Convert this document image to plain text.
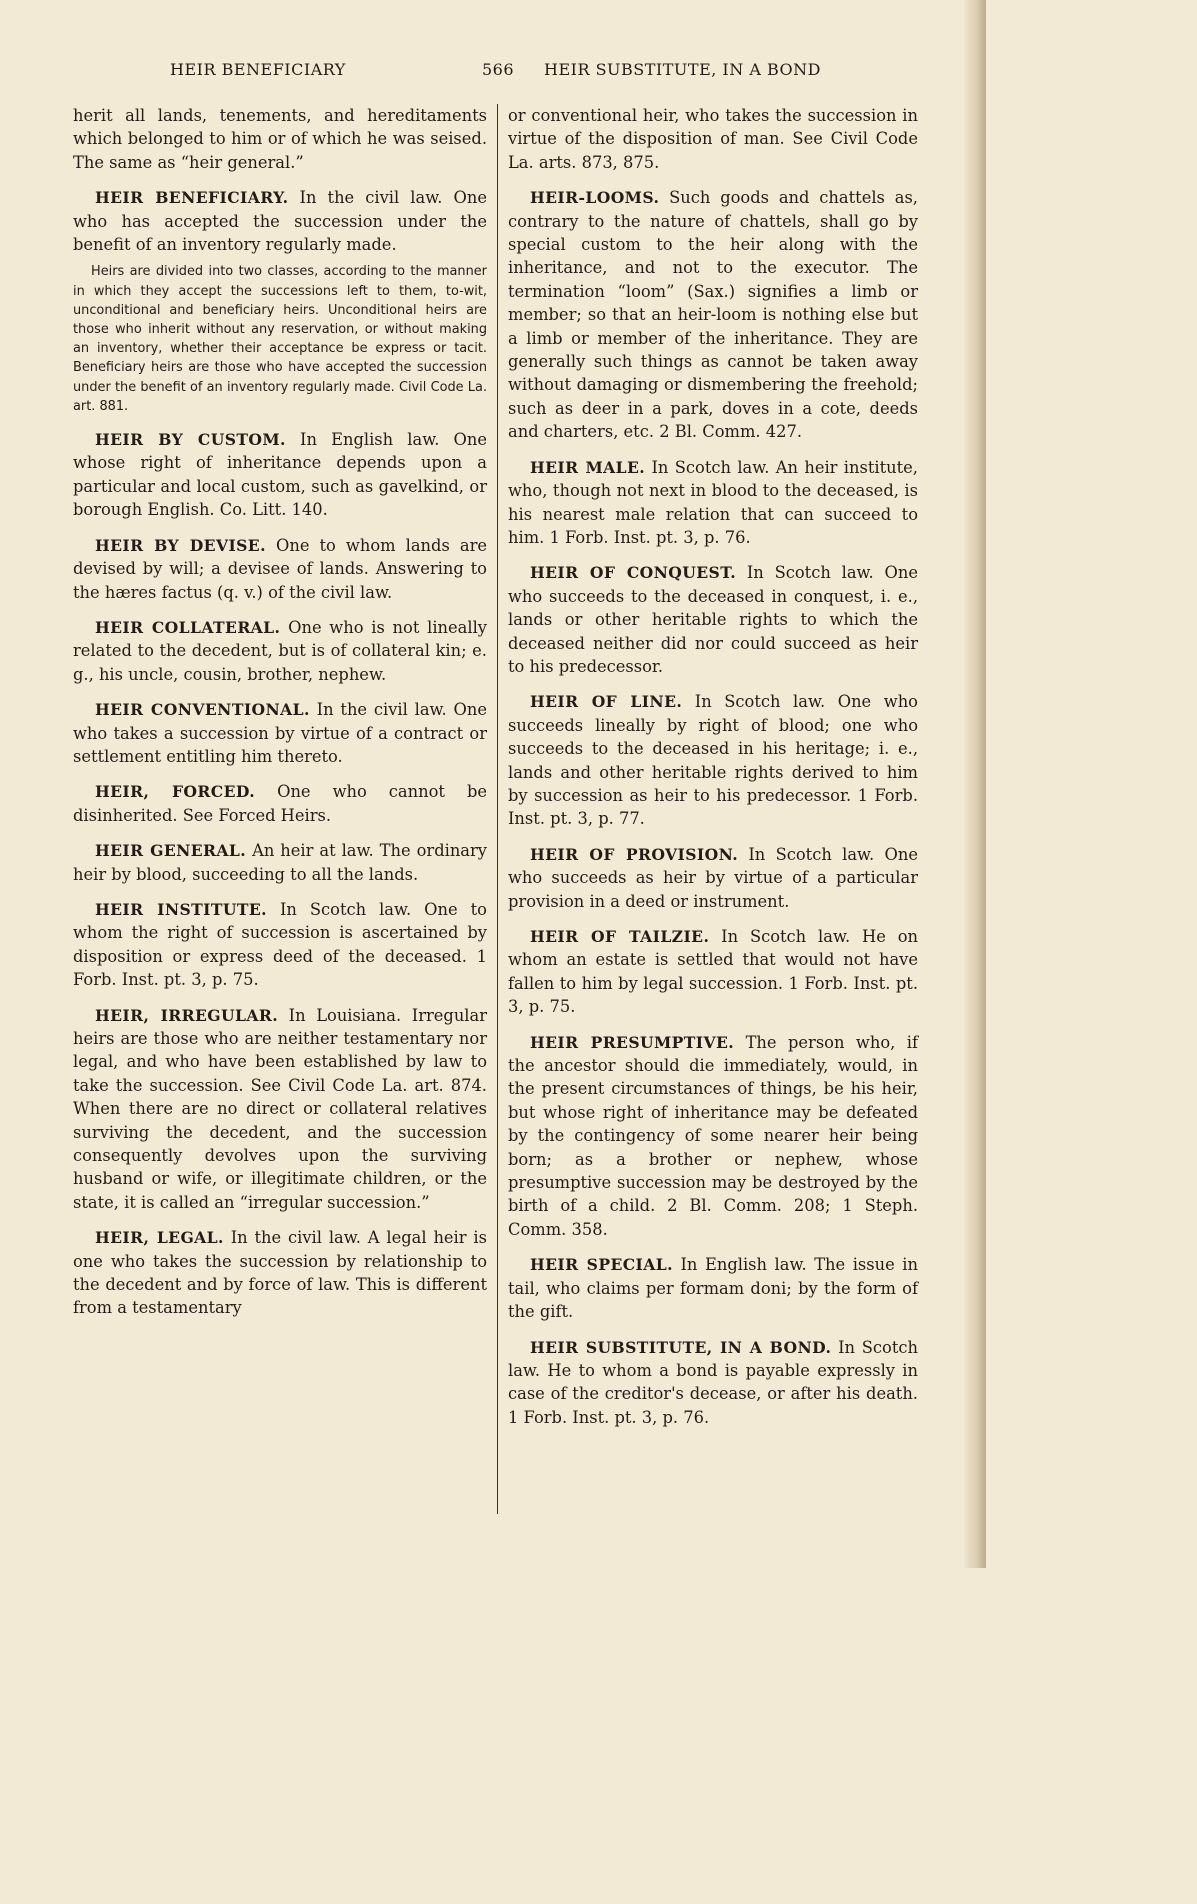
HEIR BENEFICIARY	566 HEIR SUBSTITUTE, IN A BOND

herit all lands, tenements, and hereditaments which belonged to him or of which he was seised. The same as “heir general.”

HEIR BENEFICIARY. In the civil law. One who has accepted the succession under the benefit of an inventory regularly made.

Heirs are divided into two classes, according to the manner in which they accept the successions left to them, to-wit, unconditional and beneficiary heirs. Unconditional heirs are those who inherit without any reservation, or without making an inventory, whether their acceptance be express or tacit. Beneficiary heirs are those who have accepted the succession under the benefit of an inventory regularly made. Civil Code La. art. 881.

HEIR BY CUSTOM. In English law. One whose right of inheritance depends upon a particular and local custom, such as gavelkind, or borough English. Co. Litt. 140.

HEIR BY DEVISE. One to whom lands are devised by will; a devisee of lands. Answering to the hæres factus (q. v.) of the civil law.

HEIR COLLATERAL. One who is not lineally related to the decedent, but is of collateral kin; e. g., his uncle, cousin, brother, nephew.

HEIR CONVENTIONAL. In the civil law. One who takes a succession by virtue of a contract or settlement entitling him thereto.

HEIR, FORCED. One who cannot be disinherited. See Forced Heirs.

HEIR GENERAL. An heir at law. The ordinary heir by blood, succeeding to all the lands.

HEIR INSTITUTE. In Scotch law. One to whom the right of succession is ascertained by disposition or express deed of the deceased. 1 Forb. Inst. pt. 3, p. 75.

HEIR, IRREGULAR. In Louisiana. Irregular heirs are those who are neither testamentary nor legal, and who have been established by law to take the succession. See Civil Code La. art. 874. When there are no direct or collateral relatives surviving the decedent, and the succession consequently devolves upon the surviving husband or wife, or illegitimate children, or the state, it is called an “irregular succession.”

HEIR, LEGAL. In the civil law. A legal heir is one who takes the succession by relationship to the decedent and by force of law. This is different from a testamentary

or conventional heir, who takes the succession in virtue of the disposition of man. See Civil Code La. arts. 873, 875.

HEIR-LOOMS. Such goods and chattels as, contrary to the nature of chattels, shall go by special custom to the heir along with the inheritance, and not to the executor. The termination “loom” (Sax.) signifies a limb or member; so that an heir-loom is nothing else but a limb or member of the inheritance. They are generally such things as cannot be taken away without damaging or dismembering the freehold; such as deer in a park, doves in a cote, deeds and charters, etc. 2 Bl. Comm. 427.

HEIR MALE. In Scotch law. An heir institute, who, though not next in blood to the deceased, is his nearest male relation that can succeed to him. 1 Forb. Inst. pt. 3, p. 76.

HEIR OF CONQUEST. In Scotch law. One who succeeds to the deceased in conquest, i. e., lands or other heritable rights to which the deceased neither did nor could succeed as heir to his predecessor.

HEIR OF LINE. In Scotch law. One who succeeds lineally by right of blood; one who succeeds to the deceased in his heritage; i. e., lands and other heritable rights derived to him by succession as heir to his predecessor. 1 Forb. Inst. pt. 3, p. 77.

HEIR OF PROVISION. In Scotch law. One who succeeds as heir by virtue of a particular provision in a deed or instrument.

HEIR OF TAILZIE. In Scotch law. He on whom an estate is settled that would not have fallen to him by legal succession. 1 Forb. Inst. pt. 3, p. 75.

HEIR PRESUMPTIVE. The person who, if the ancestor should die immediately, would, in the present circumstances of things, be his heir, but whose right of inheritance may be defeated by the contingency of some nearer heir being born; as a brother or nephew, whose presumptive succession may be destroyed by the birth of a child. 2 Bl. Comm. 208; 1 Steph. Comm. 358.

HEIR SPECIAL. In English law. The issue in tail, who claims per formam doni; by the form of the gift.

HEIR SUBSTITUTE, IN A BOND. In Scotch law. He to whom a bond is payable expressly in case of the creditor's decease, or after his death. 1 Forb. Inst. pt. 3, p. 76.
